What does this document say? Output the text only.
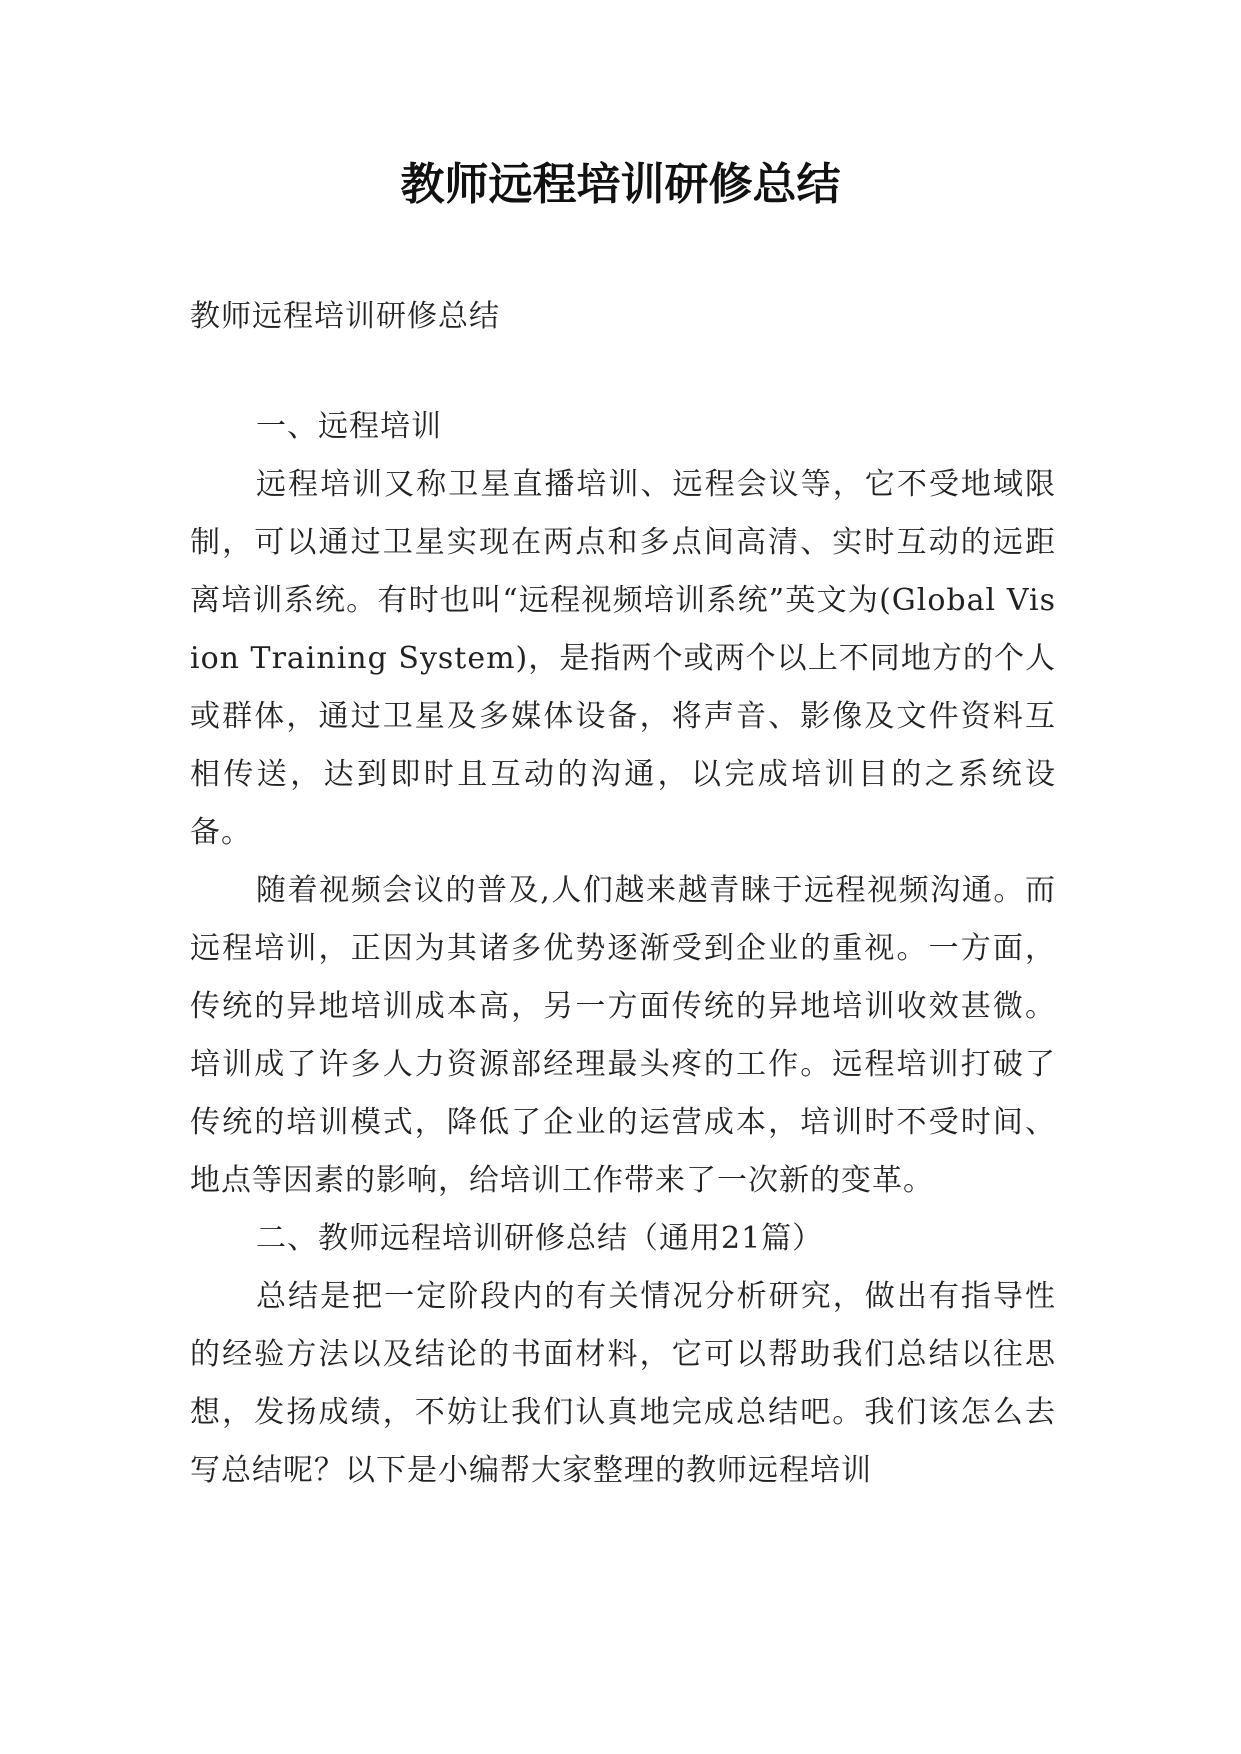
教师远程培训研修总结

教师远程培训研修总结

一、远程培训

远程培训又称卫星直播培训、远程会议等，它不受地域限制，可以通过卫星实现在两点和多点间高清、实时互动的远距离培训系统。有时也叫“远程视频培训系统”英文为(Global Vision Training System)，是指两个或两个以上不同地方的个人或群体，通过卫星及多媒体设备，将声音、影像及文件资料互相传送，达到即时且互动的沟通，以完成培训目的之系统设备。

随着视频会议的普及,人们越来越青睐于远程视频沟通。而远程培训，正因为其诸多优势逐渐受到企业的重视。一方面，传统的异地培训成本高，另一方面传统的异地培训收效甚微。培训成了许多人力资源部经理最头疼的工作。远程培训打破了传统的培训模式，降低了企业的运营成本，培训时不受时间、地点等因素的影响，给培训工作带来了一次新的变革。

二、教师远程培训研修总结（通用21篇）

总结是把一定阶段内的有关情况分析研究，做出有指导性的经验方法以及结论的书面材料，它可以帮助我们总结以往思想，发扬成绩，不妨让我们认真地完成总结吧。我们该怎么去写总结呢？以下是小编帮大家整理的教师远程培训
